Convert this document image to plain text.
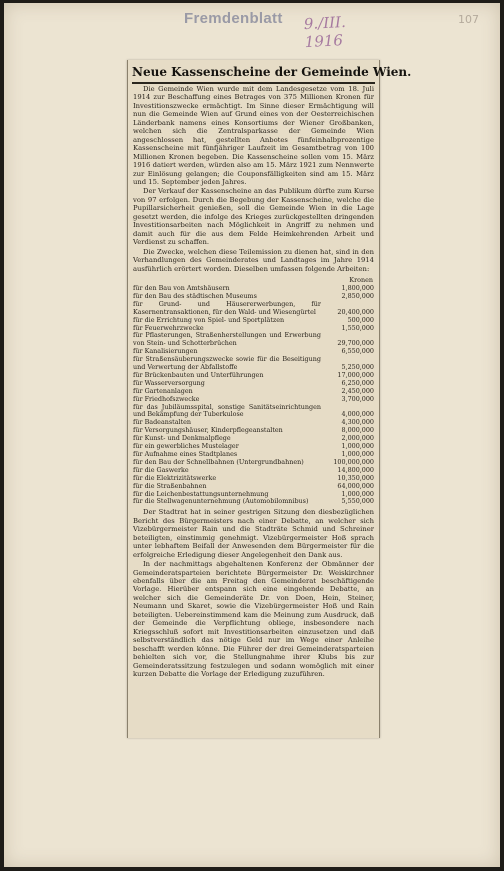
Fremdenblatt	9./III. 1916
107
Neue Kassenscheine der Gemeinde Wien.

Die Gemeinde Wien wurde mit dem Landesgesetze vom 18. Juli 1914 zur Beschaffung eines Betrages von 375 Millionen Kronen für Investitionszwecke ermächtigt. Im Sinne dieser Ermächtigung will nun die Gemeinde Wien auf Grund eines von der Oesterreichischen Länderbank namens eines Konsortiums der Wiener Großbanken, welchen sich die Zentralsparkasse der Gemeinde Wien angeschlossen hat, gestellten Anbotes fünfeinhalbprozentige Kassenscheine mit fünfjähriger Laufzeit im Gesamtbetrag von 100 Millionen Kronen begeben. Die Kassenscheine sollen vom 15. März 1916 datiert werden, würden also am 15. März 1921 zum Nennwerte zur Einlösung gelangen; die Couponsfälligkeiten sind am 15. März und 15. September jeden Jahres.

Der Verkauf der Kassenscheine an das Publikum dürfte zum Kurse von 97 erfolgen. Durch die Begebung der Kassenscheine, welche die Pupillarsicherheit genießen, soll die Gemeinde Wien in die Lage gesetzt werden, die infolge des Krieges zurückgestellten dringenden Investitionsarbeiten nach Möglichkeit in Angriff zu nehmen und damit auch für die aus dem Felde Heimkehrenden Arbeit und Verdienst zu schaffen.

Die Zwecke, welchen diese Teilemission zu dienen hat, sind in den Verhandlungen des Gemeinderates und Landtages im Jahre 1914 ausführlich erörtert worden. Dieselben umfassen folgende Arbeiten:

	Kronen
für den Bau von Amtshäusern	1,800,000
für den Bau des städtischen Museums	2,850,000
für Grund- und Häusererwerbungen, für Kasernentransaktionen, für den Wald- und Wiesengürtel	20,400,000
für die Errichtung von Spiel- und Sportplätzen	500,000
für Feuerwehrzwecke	1,550,000
für Pflasterungen, Straßenherstellungen und Erwerbung von Stein- und Schotterbrüchen	29,700,000
für Kanalisierungen	6,550,000
für Straßensäuberungszwecke sowie für die Beseitigung und Verwertung der Abfallstoffe	5,250,000
für Brückenbauten und Unterführungen	17,000,000
für Wasserversorgung	6,250,000
für Gartenanlagen	2,450,000
für Friedhofszwecke	3,700,000
für das Jubiläumsspital, sonstige Sanitätseinrichtungen und Bekämpfung der Tuberkulose	4,000,000
für Badeanstalten	4,300,000
für Versorgungshäuser, Kinderpflegeanstalten	8,000,000
für Kunst- und Denkmalpflege	2,000,000
für ein gewerbliches Mustelager	1,000,000
für Aufnahme eines Stadtplanes	1,000,000
für den Bau der Schnellbahnen (Untergrundbahnen)	100,000,000
für die Gaswerke	14,800,000
für die Elektrizitätswerke	10,350,000
für die Straßenbahnen	64,000,000
für die Leichenbestattungsunternehmung	1,000,000
für die Stellwagenunternehmung (Automobilomnibus)	5,550,000

Der Stadtrat hat in seiner gestrigen Sitzung den diesbezüglichen Bericht des Bürgermeisters nach einer Debatte, an welcher sich Vizebürgermeister Rain und die Stadträte Schmid und Schreiner beteiligten, einstimmig genehmigt. Vizebürgermeister Hoß sprach unter lebhaftem Beifall der Anwesenden dem Bürgermeister für die erfolgreiche Erledigung dieser Angelegenheit den Dank aus.

In der nachmittags abgehaltenen Konferenz der Obmänner der Gemeinderatsparteien berichtete Bürgermeister Dr. Weiskirchner ebenfalls über die am Freitag den Gemeinderat beschäftigende Vorlage. Hierüber entspann sich eine eingehende Debatte, an welcher sich die Gemeinderäte Dr. von Doen, Hein, Steiner, Neumann und Skaret, sowie die Vizebürgermeister Hoß und Rain beteiligten. Uebereinstimmend kam die Meinung zum Ausdruck, daß der Gemeinde die Verpflichtung obliege, insbesondere nach Kriegsschluß sofort mit Investitionsarbeiten einzusetzen und daß selbstverständlich das nötige Geld nur im Wege einer Anleihe beschafft werden könne. Die Führer der drei Gemeinderatsparteien behielten sich vor, die Stellungnahme ihrer Klubs bis zur Gemeinderatssitzung festzulegen und sodann womöglich mit einer kurzen Debatte die Vorlage der Erledigung zuzuführen.
